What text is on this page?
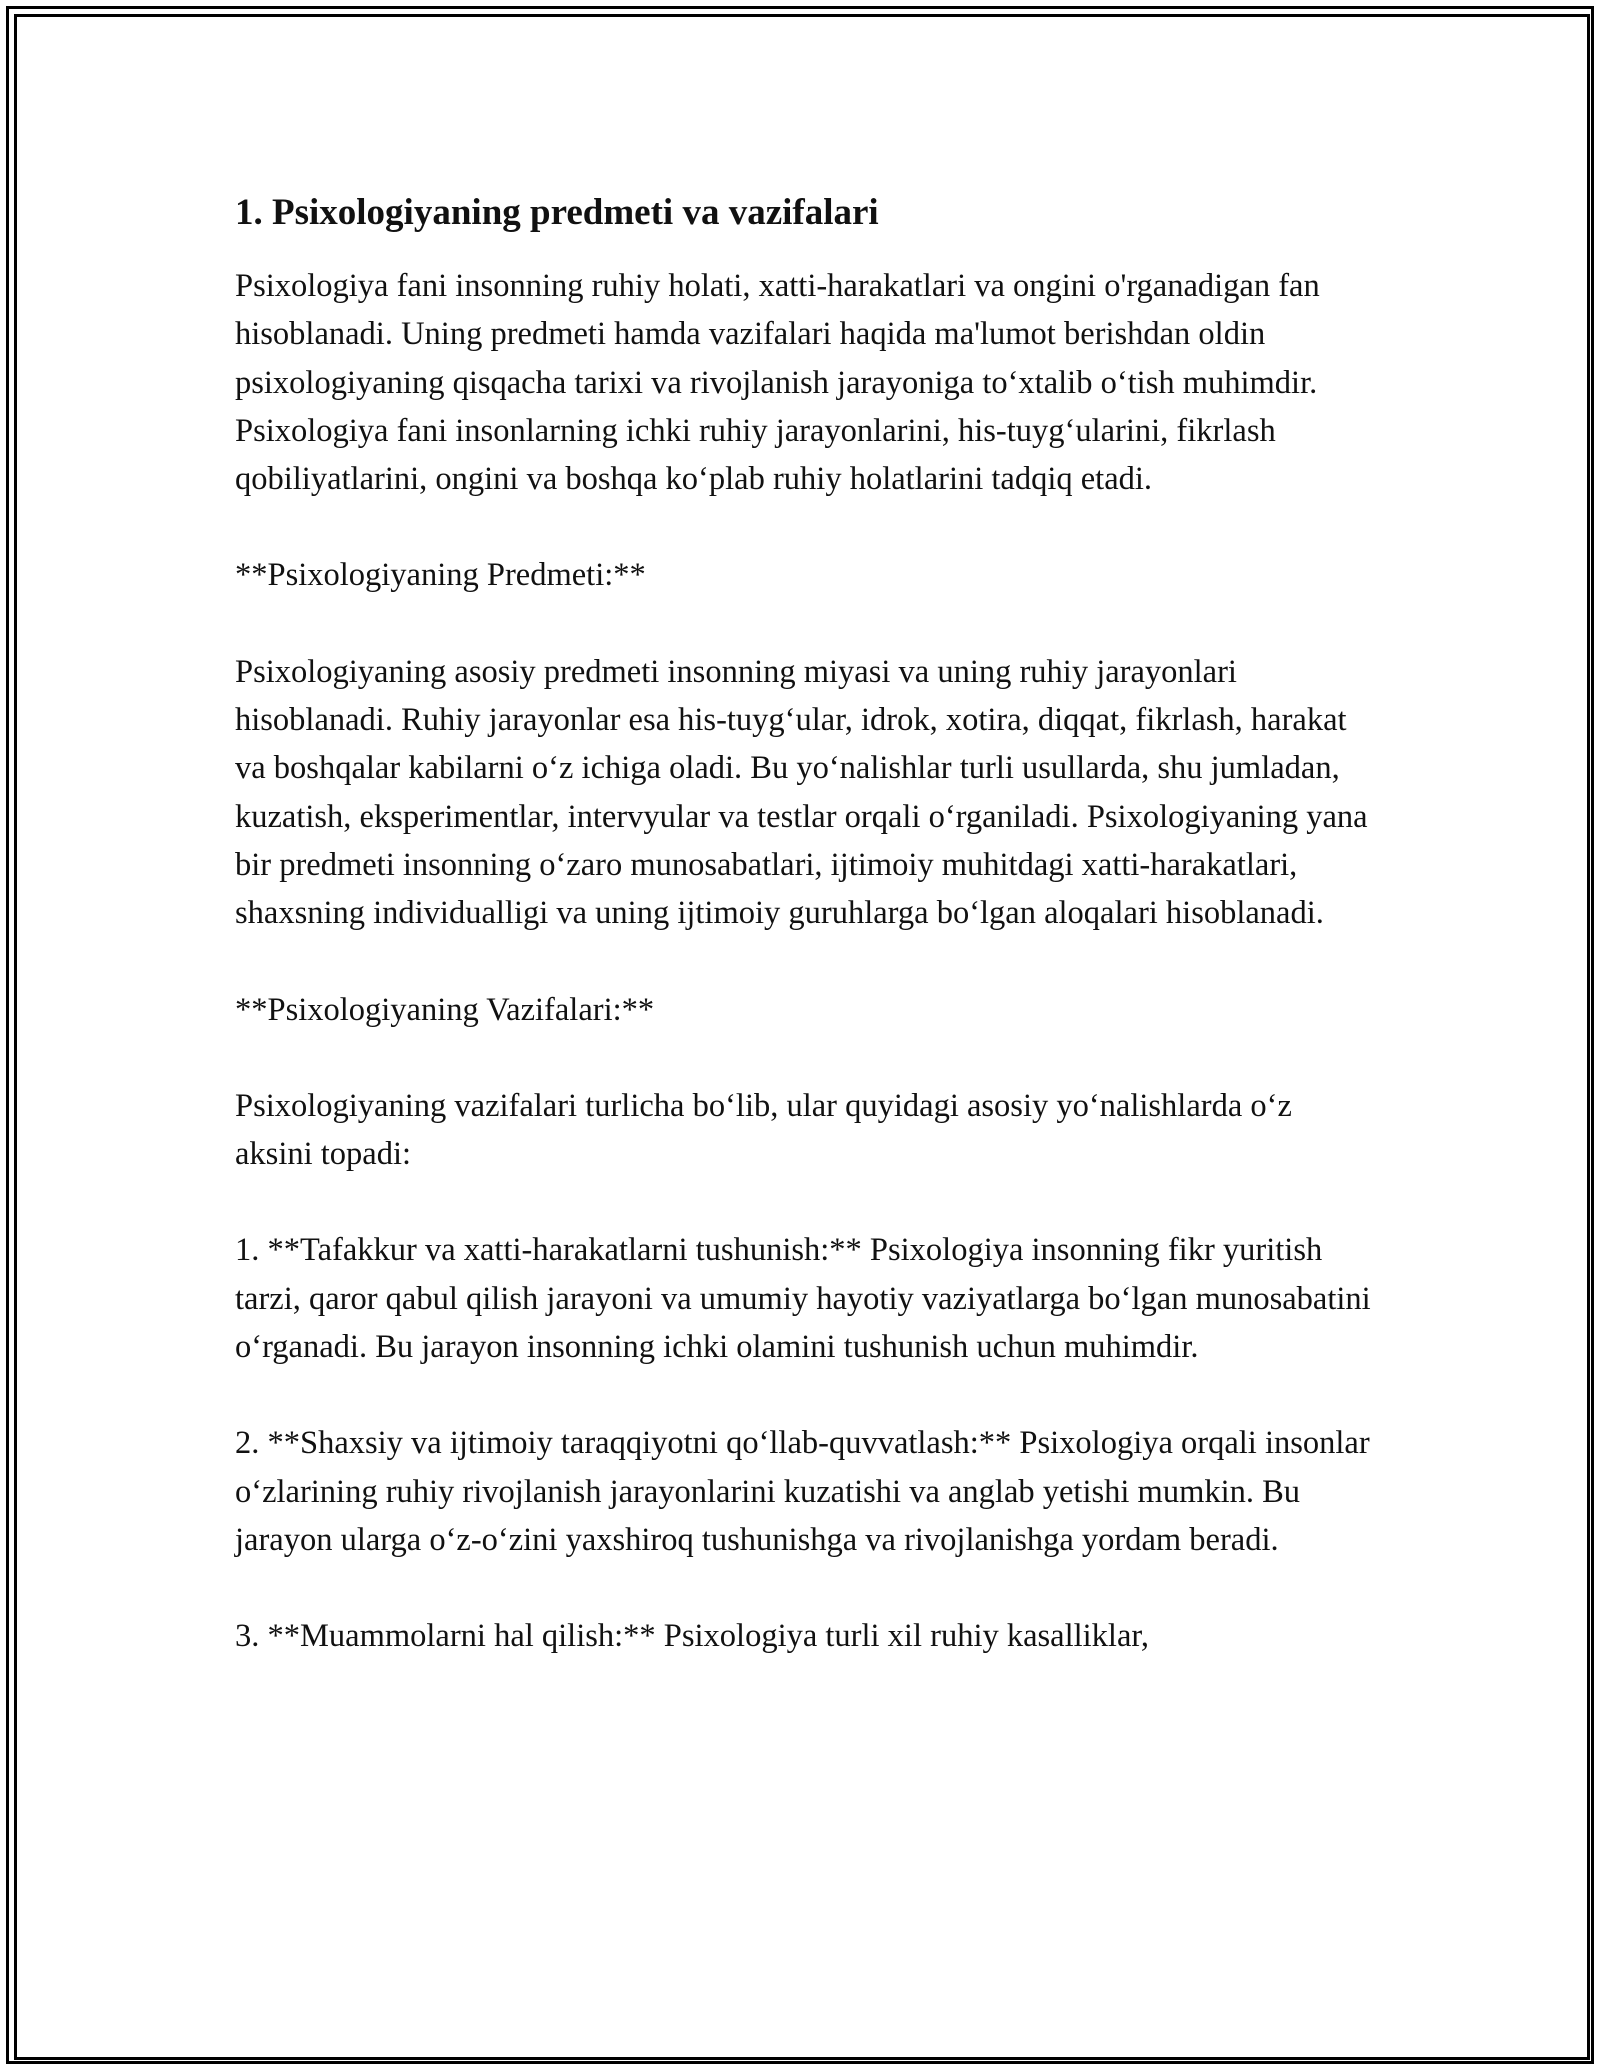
1. Psixologiyaning predmeti va vazifalari

Psixologiya fani insonning ruhiy holati, xatti-harakatlari va ongini o'rganadigan fan hisoblanadi. Uning predmeti hamda vazifalari haqida ma'lumot berishdan oldin psixologiyaning qisqacha tarixi va rivojlanish jarayoniga to‘xtalib o‘tish muhimdir. Psixologiya fani insonlarning ichki ruhiy jarayonlarini, his-tuyg‘ularini, fikrlash qobiliyatlarini, ongini va boshqa ko‘plab ruhiy holatlarini tadqiq etadi.

**Psixologiyaning Predmeti:**

Psixologiyaning asosiy predmeti insonning miyasi va uning ruhiy jarayonlari hisoblanadi. Ruhiy jarayonlar esa his-tuyg‘ular, idrok, xotira, diqqat, fikrlash, harakat va boshqalar kabilarni o‘z ichiga oladi. Bu yo‘nalishlar turli usullarda, shu jumladan, kuzatish, eksperimentlar, intervyular va testlar orqali o‘rganiladi. Psixologiyaning yana bir predmeti insonning o‘zaro munosabatlari, ijtimoiy muhitdagi xatti-harakatlari, shaxsning individualligi va uning ijtimoiy guruhlarga bo‘lgan aloqalari hisoblanadi.

**Psixologiyaning Vazifalari:**

Psixologiyaning vazifalari turlicha bo‘lib, ular quyidagi asosiy yo‘nalishlarda o‘z aksini topadi:

1. **Tafakkur va xatti-harakatlarni tushunish:** Psixologiya insonning fikr yuritish tarzi, qaror qabul qilish jarayoni va umumiy hayotiy vaziyatlarga bo‘lgan munosabatini o‘rganadi. Bu jarayon insonning ichki olamini tushunish uchun muhimdir.

2. **Shaxsiy va ijtimoiy taraqqiyotni qo‘llab-quvvatlash:** Psixologiya orqali insonlar o‘zlarining ruhiy rivojlanish jarayonlarini kuzatishi va anglab yetishi mumkin. Bu jarayon ularga o‘z-o‘zini yaxshiroq tushunishga va rivojlanishga yordam beradi.

3. **Muammolarni hal qilish:** Psixologiya turli xil ruhiy kasalliklar,
